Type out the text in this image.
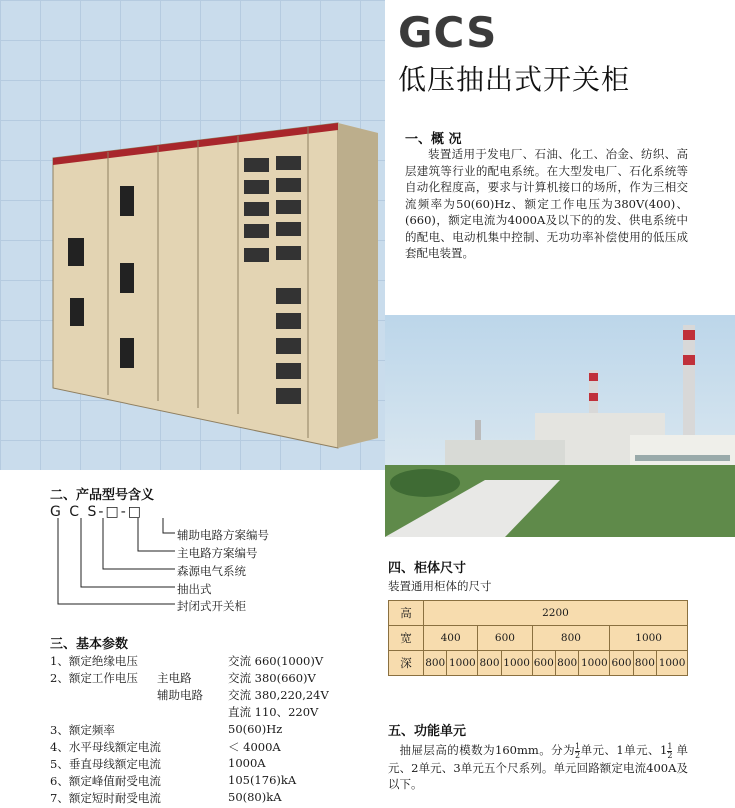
GCS
低压抽出式开关柜
一、概 况
装置适用于发电厂、石油、化工、冶金、纺织、高层建筑等行业的配电系统。在大型发电厂、石化系统等自动化程度高，要求与计算机接口的场所，作为三相交流频率为50(60)Hz、额定工作电压为380V(400)、(660)，额定电流为4000A及以下的的发、供电系统中的配电、电动机集中控制、无功功率补偿使用的低压成套配电装置。
二、产品型号含义
G C S-□-□
辅助电路方案编号
主电路方案编号
森源电气系统
抽出式
封闭式开关柜
三、基本参数
1、额定绝缘电压	交流 660(1000)V
2、额定工作电压 主电路	交流 380(660)V
辅助电路 交流 380,220,24V
直流 110、220V
3、额定频率	50(60)Hz
4、水平母线额定电流	＜ 4000A
5、垂直母线额定电流	1000A
6、额定峰值耐受电流	105(176)kA
7、额定短时耐受电流	50(80)kA
四、柜体尺寸
装置通用柜体的尺寸
高	2200									
宽	400		600		800			1000		
深	800	1000	800	1000	600	800	1000	600	800	1000
五、功能单元
抽屉层高的模数为160mm。分为 $\frac{1}{2}$ 单元、1单元、$1 \frac{1}{2}$ 单元、2单元、3单元五个尺系列。单元回路额定电流400A及以下。
